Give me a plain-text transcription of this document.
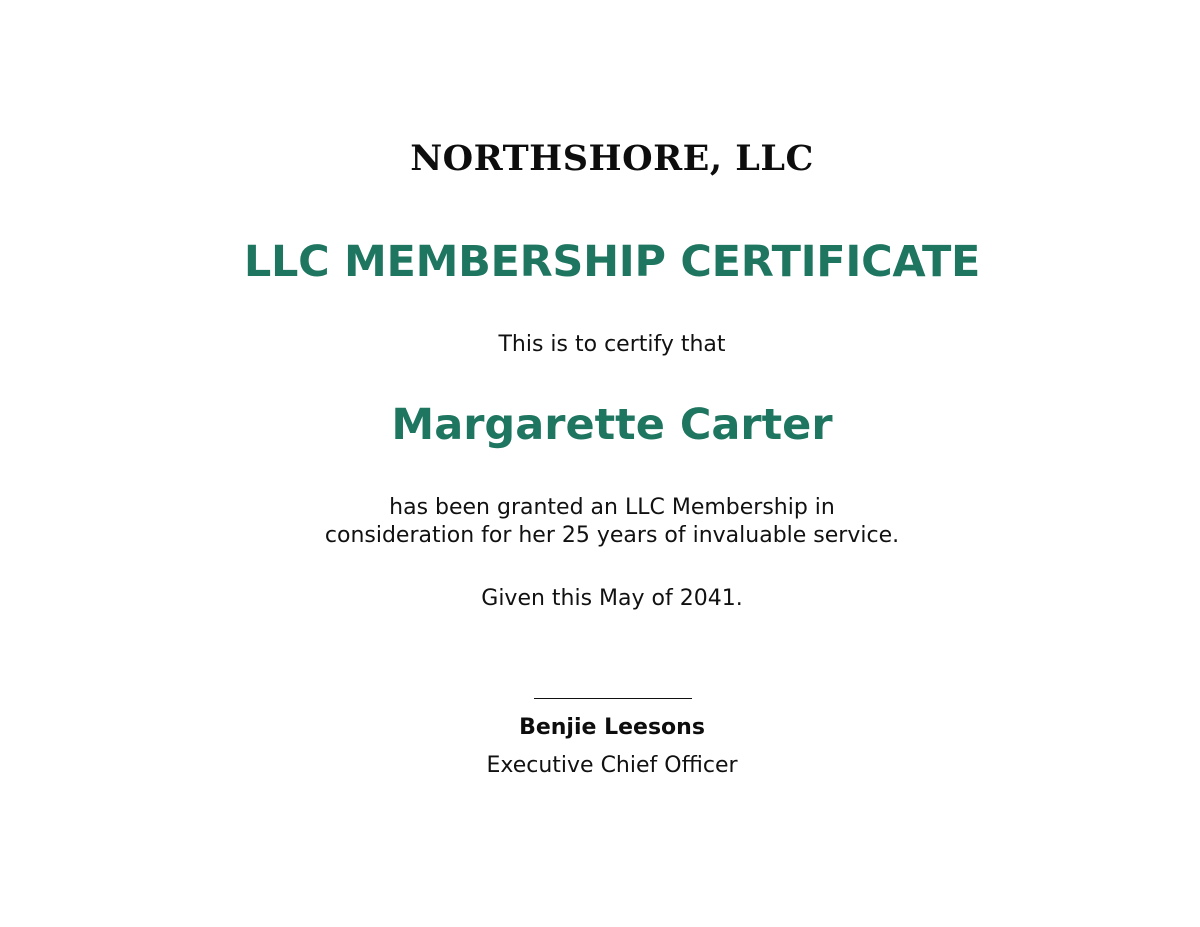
NORTHSHORE, LLC

LLC MEMBERSHIP CERTIFICATE

This is to certify that

Margarette Carter

has been granted an LLC Membership in
consideration for her 25 years of invaluable service.

Given this May of 2041.

Benjie Leesons

Executive Chief Officer
